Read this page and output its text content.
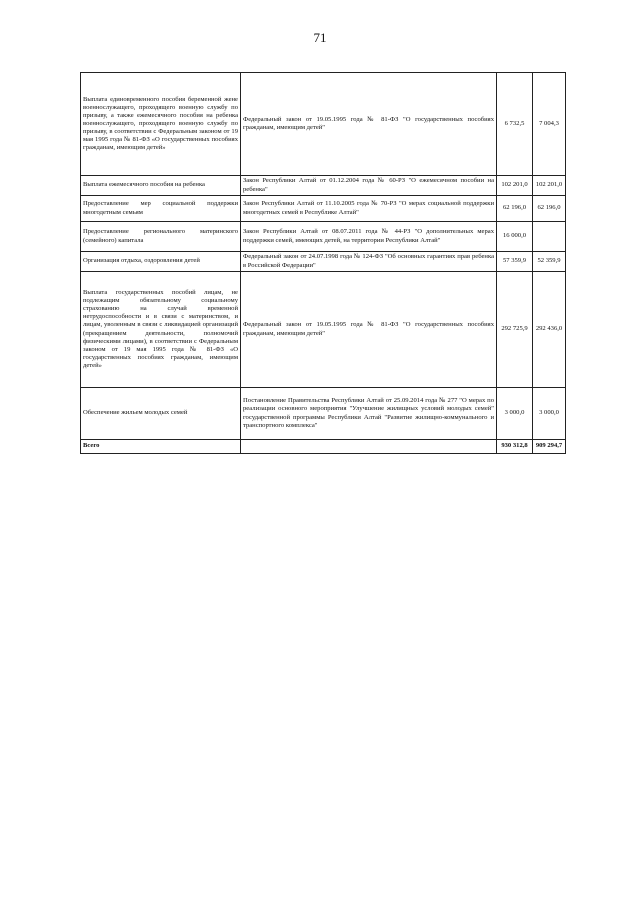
71
Выплата единовременного пособия беременной жене военнослужащего, проходящего военную службу по призыву, а также ежемесячного пособия на ребенка военнослужащего, проходящего военную службу по призыву, в соответствии с Федеральным законом от 19 мая 1995 года № 81-ФЗ «О государственных пособиях гражданам, имеющим детей»	Федеральный закон от 19.05.1995 года № 81-ФЗ "О государственных пособиях гражданам, имеющим детей"	6 732,5	7 004,3
Выплата ежемесячного пособия на ребенка	Закон Республики Алтай от 01.12.2004 года № 60-РЗ "О ежемесячном пособии на ребенка"	102 201,0	102 201,0
Предоставление мер социальной поддержки многодетным семьям	Закон Республики Алтай от 11.10.2005 года № 70-РЗ "О мерах социальной поддержки многодетных семей в Республике Алтай"	62 196,0	62 196,0
Предоставление регионального материнского (семейного) капитала	Закон Республики Алтай от 08.07.2011 года № 44-РЗ "О дополнительных мерах поддержки семей, имеющих детей, на территории Республики Алтай"	16 000,0	
Организация отдыха, оздоровления детей	Федеральный закон от 24.07.1998 года № 124-ФЗ "Об основных гарантиях прав ребенка в Российской Федерации"	57 359,9	52 359,9
Выплата государственных пособий лицам, не подлежащим обязательному социальному страхованию на случай временной нетрудоспособности и в связи с материнством, и лицам, уволенным в связи с ликвидацией организаций (прекращением деятельности, полномочий физическими лицами), в соответствии с Федеральным законом от 19 мая 1995 года № 81-ФЗ «О государственных пособиях гражданам, имеющим детей»	Федеральный закон от 19.05.1995 года № 81-ФЗ "О государственных пособиях гражданам, имеющим детей"	292 725,9	292 436,0
Обеспечение жильем молодых семей	Постановление Правительства Республики Алтай от 25.09.2014 года № 277 "О мерах по реализации основного мероприятия "Улучшение жилищных условий молодых семей" государственной программы Республики Алтай "Развитие жилищно-коммунального и транспортного комплекса"	3 000,0	3 000,0
Всего		930 312,8	909 294,7
